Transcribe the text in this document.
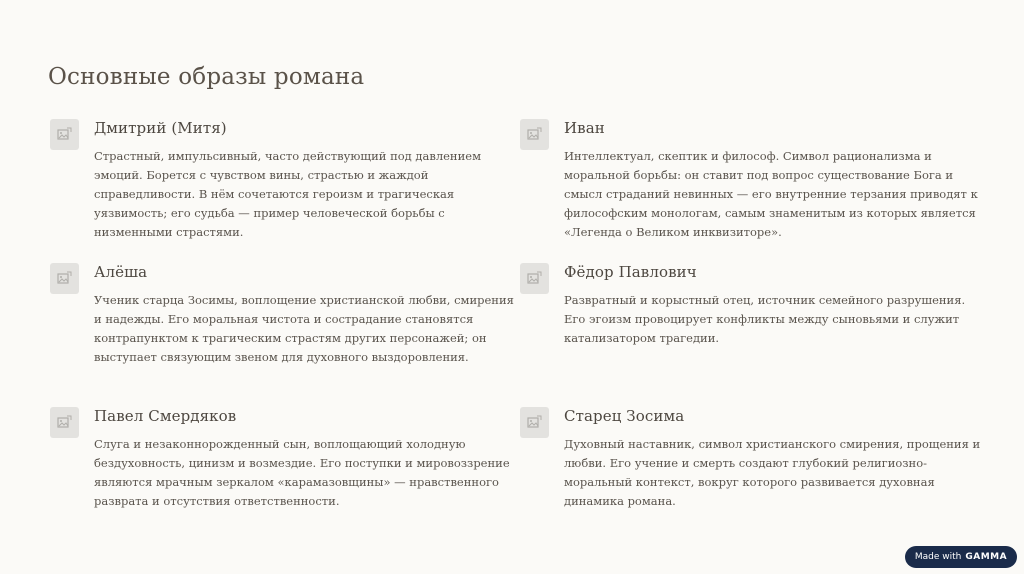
Основные образы романа
Дмитрий (Митя)
Страстный, импульсивный, часто действующий под давлением эмоций. Борется с чувством вины, страстью и жаждой справедливости. В нём сочетаются героизм и трагическая уязвимость; его судьба — пример человеческой борьбы с низменными страстями.
Иван
Интеллектуал, скептик и философ. Символ рационализма и моральной борьбы: он ставит под вопрос существование Бога и смысл страданий невинных — его внутренние терзания приводят к философским монологам, самым знаменитым из которых является «Легенда о Великом инквизиторе».
Алёша
Ученик старца Зосимы, воплощение христианской любви, смирения и надежды. Его моральная чистота и сострадание становятся контрапунктом к трагическим страстям других персонажей; он выступает связующим звеном для духовного выздоровления.
Фёдор Павлович
Развратный и корыстный отец, источник семейного разрушения. Его эгоизм провоцирует конфликты между сыновьями и служит катализатором трагедии.
Павел Смердяков
Слуга и незаконнорожденный сын, воплощающий холодную бездуховность, цинизм и возмездие. Его поступки и мировоззрение являются мрачным зеркалом «карамазовщины» — нравственного разврата и отсутствия ответственности.
Старец Зосима
Духовный наставник, символ христианского смирения, прощения и любви. Его учение и смерть создают глубокий религиозно-моральный контекст, вокруг которого развивается духовная динамика романа.
Made with GAMMA
